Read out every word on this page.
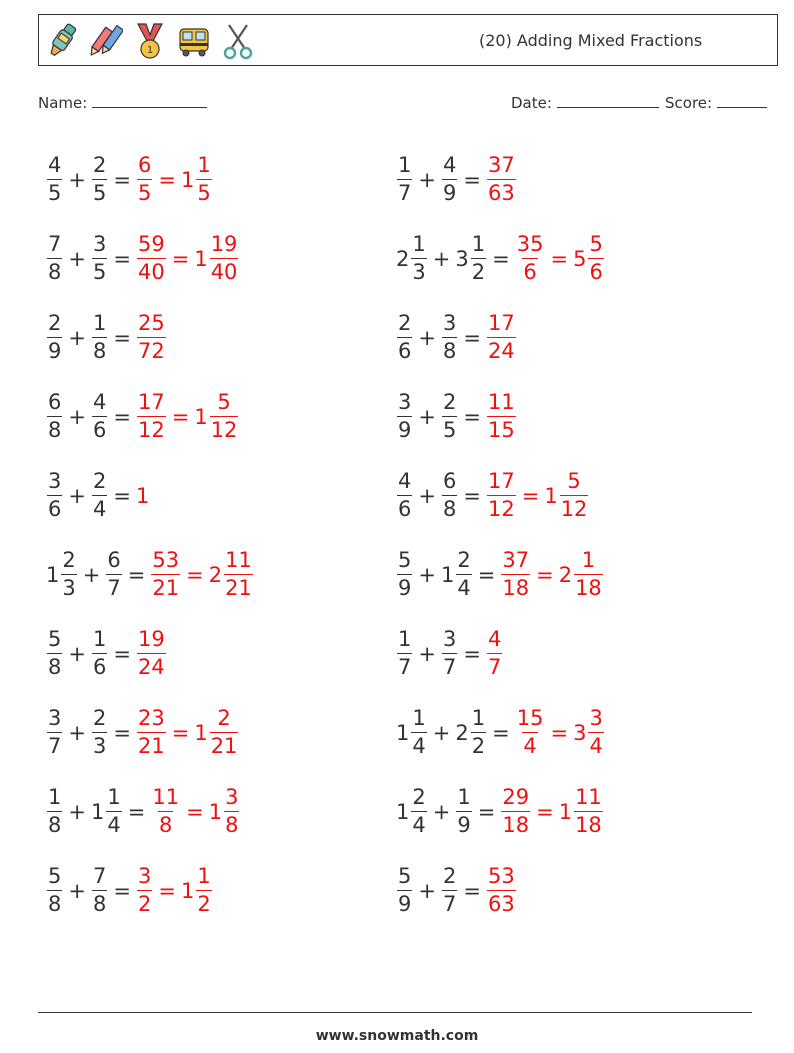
1
(20) Adding Mixed Fractions
Name:	Date:	Score:
$\frac{4}{5} + \frac{2}{5} = \frac{6}{5} = 1 \frac{1}{5}$	$\frac{1}{7} + \frac{4}{9} = \frac{37}{63}$
$\frac{7}{8} + \frac{3}{5} = \frac{59}{40} = 1 \frac{19}{40}$	$2 \frac{1}{3} + 3 \frac{1}{2} = \frac{35}{6} = 5 \frac{5}{6}$
$\frac{2}{9} + \frac{1}{8} = \frac{25}{72}$	$\frac{2}{6} + \frac{3}{8} = \frac{17}{24}$
$\frac{6}{8} + \frac{4}{6} = \frac{17}{12} = 1 \frac{5}{12}$	$\frac{3}{9} + \frac{2}{5} = \frac{11}{15}$
$\frac{3}{6} + \frac{2}{4} = 1$	$\frac{4}{6} + \frac{6}{8} = \frac{17}{12} = 1 \frac{5}{12}$
$1 \frac{2}{3} + \frac{6}{7} = \frac{53}{21} = 2 \frac{11}{21}$	$\frac{5}{9} + 1 \frac{2}{4} = \frac{37}{18} = 2 \frac{1}{18}$
$\frac{5}{8} + \frac{1}{6} = \frac{19}{24}$	$\frac{1}{7} + \frac{3}{7} = \frac{4}{7}$
$\frac{3}{7} + \frac{2}{3} = \frac{23}{21} = 1 \frac{2}{21}$	$1 \frac{1}{4} + 2 \frac{1}{2} = \frac{15}{4} = 3 \frac{3}{4}$
$\frac{1}{8} + 1 \frac{1}{4} = \frac{11}{8} = 1 \frac{3}{8}$	$1 \frac{2}{4} + \frac{1}{9} = \frac{29}{18} = 1 \frac{11}{18}$
$\frac{5}{8} + \frac{7}{8} = \frac{3}{2} = 1 \frac{1}{2}$	$\frac{5}{9} + \frac{2}{7} = \frac{53}{63}$
www.snowmath.com
